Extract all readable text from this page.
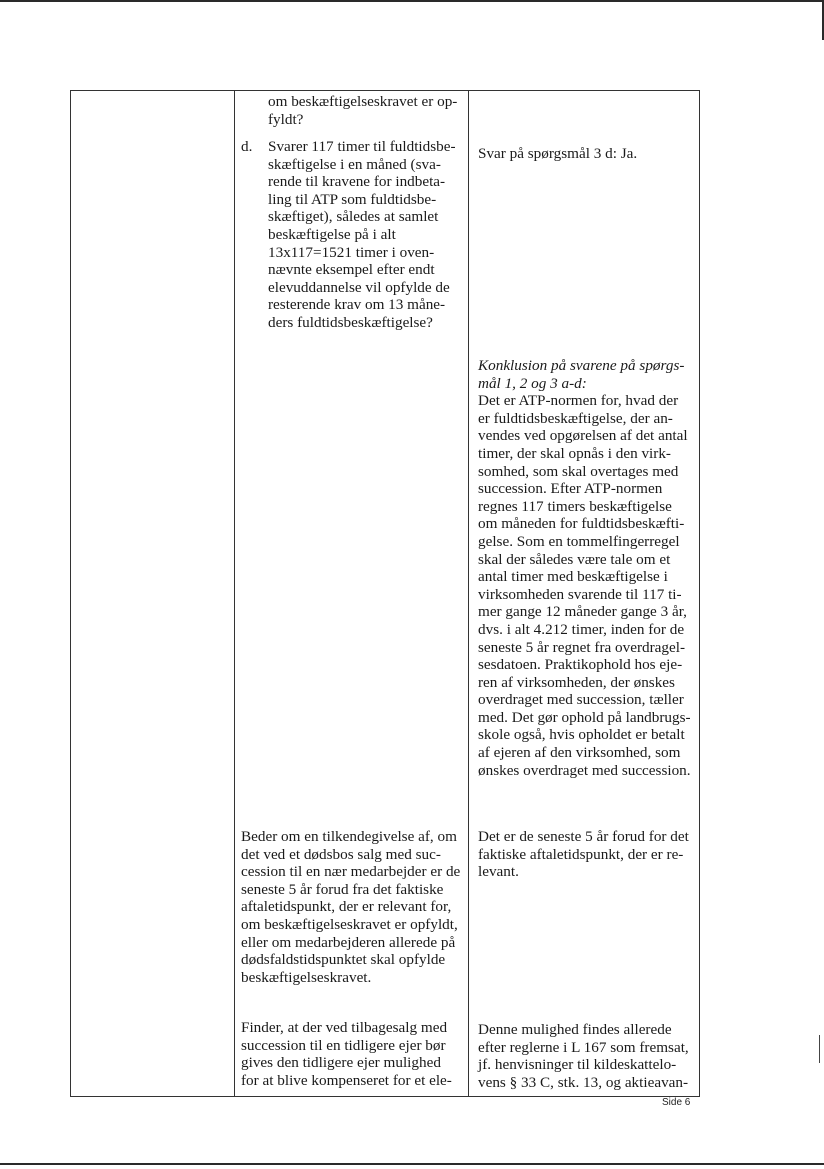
om beskæftigelseskravet er op-

fyldt?

d. Svarer 117 timer til fuldtidsbe-

skæftigelse i en måned (sva-

rende til kravene for indbeta-

ling til ATP som fuldtidsbe-

skæftiget), således at samlet

beskæftigelse på i alt

13x117=1521 timer i oven-

nævnte eksempel efter endt

elevuddannelse vil opfylde de

resterende krav om 13 måne-

ders fuldtidsbeskæftigelse?

Svar på spørgsmål 3 d: Ja.

Konklusion på svarene på spørgs-

mål 1, 2 og 3 a-d:

Det er ATP-normen for, hvad der

er fuldtidsbeskæftigelse, der an-

vendes ved opgørelsen af det antal

timer, der skal opnås i den virk-

somhed, som skal overtages med

succession. Efter ATP-normen

regnes 117 timers beskæftigelse

om måneden for fuldtidsbeskæfti-

gelse. Som en tommelfingerregel

skal der således være tale om et

antal timer med beskæftigelse i

virksomheden svarende til 117 ti-

mer gange 12 måneder gange 3 år,

dvs. i alt 4.212 timer, inden for de

seneste 5 år regnet fra overdragel-

sesdatoen. Praktikophold hos eje-

ren af virksomheden, der ønskes

overdraget med succession, tæller

med. Det gør ophold på landbrugs-

skole også, hvis opholdet er betalt

af ejeren af den virksomhed, som

ønskes overdraget med succession.

Beder om en tilkendegivelse af, om

det ved et dødsbos salg med suc-

cession til en nær medarbejder er de

seneste 5 år forud fra det faktiske

aftaletidspunkt, der er relevant for,

om beskæftigelseskravet er opfyldt,

eller om medarbejderen allerede på

dødsfaldstidspunktet skal opfylde

beskæftigelseskravet.

Det er de seneste 5 år forud for det

faktiske aftaletidspunkt, der er re-

levant.

Finder, at der ved tilbagesalg med

succession til en tidligere ejer bør

gives den tidligere ejer mulighed

for at blive kompenseret for et ele-

Denne mulighed findes allerede

efter reglerne i L 167 som fremsat,

jf. henvisninger til kildeskattelo-

vens § 33 C, stk. 13, og aktieavan-

Side 6
